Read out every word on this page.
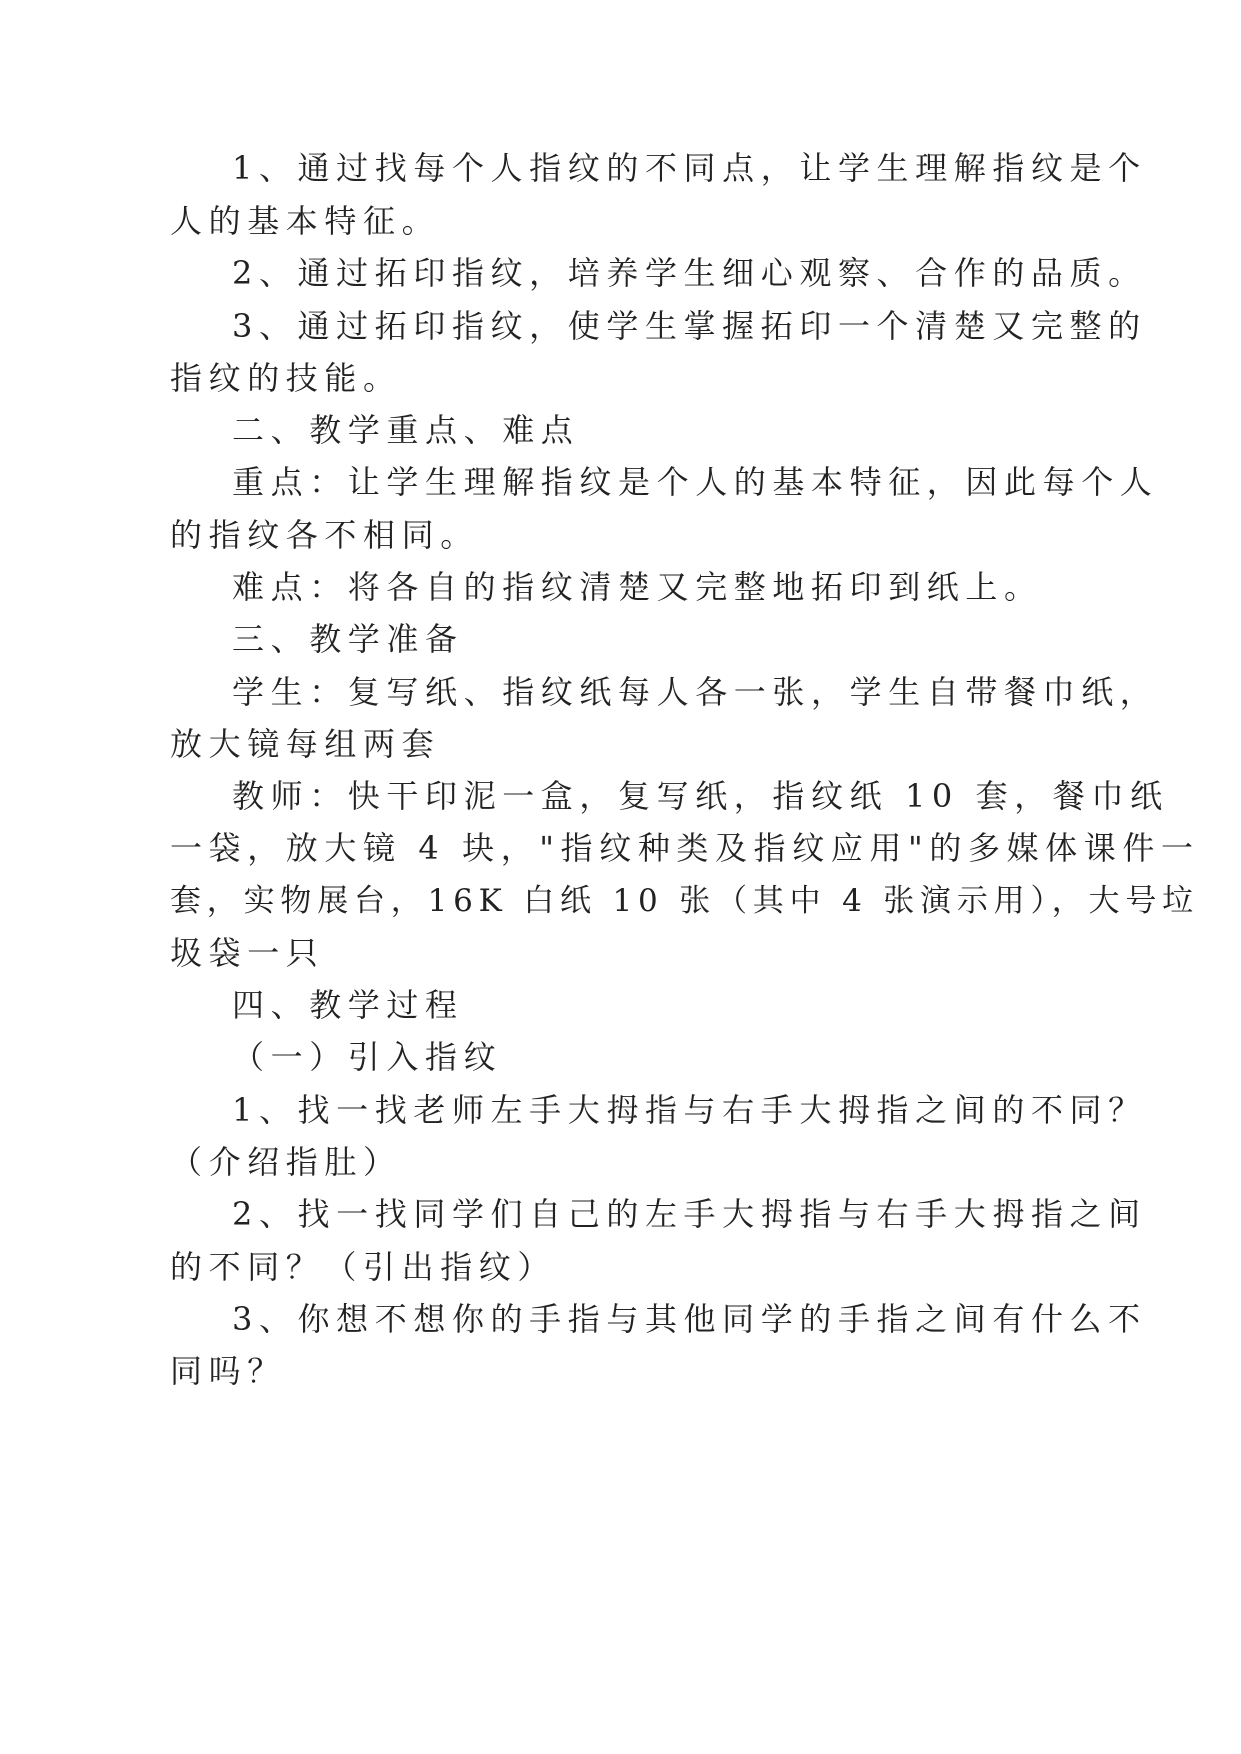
1、通过找每个人指纹的不同点，让学生理解指纹是个
人的基本特征。
2、通过拓印指纹，培养学生细心观察、合作的品质。
3、通过拓印指纹，使学生掌握拓印一个清楚又完整的
指纹的技能。
二、教学重点、难点
重点：让学生理解指纹是个人的基本特征，因此每个人
的指纹各不相同。
难点：将各自的指纹清楚又完整地拓印到纸上。
三、教学准备
学生：复写纸、指纹纸每人各一张，学生自带餐巾纸，
放大镜每组两套
教师：快干印泥一盒，复写纸，指纹纸 10 套，餐巾纸
一袋，放大镜 4 块，"指纹种类及指纹应用"的多媒体课件一
套，实物展台，16K 白纸 10 张（其中 4 张演示用），大号垃
圾袋一只
四、教学过程
（一）引入指纹
1、找一找老师左手大拇指与右手大拇指之间的不同？
（介绍指肚）
2、找一找同学们自己的左手大拇指与右手大拇指之间
的不同？（引出指纹）
3、你想不想你的手指与其他同学的手指之间有什么不
同吗？
